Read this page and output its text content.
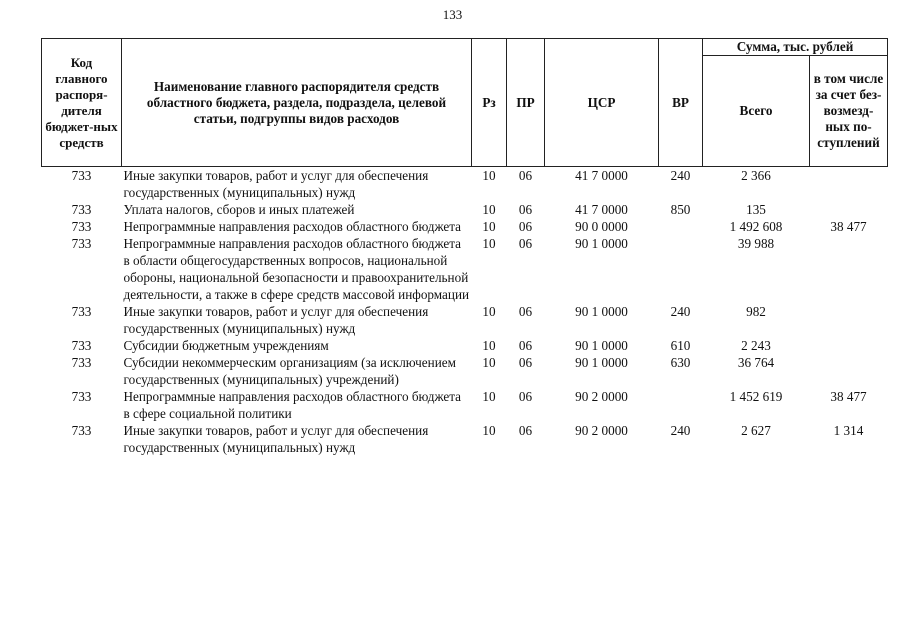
133
Код главного распоря-дителя бюджет-ных средств	Наименование главного распорядителя средств областного бюджета, раздела, подраздела, целевой статьи, подгруппы видов расходов	Рз	ПР	ЦСР	ВР	Сумма, тыс. рублей	
						Всего	в том числе за счет без-возмезд-ных по-ступлений
733	Иные закупки товаров, работ и услуг для обеспечения государственных (муниципальных) нужд	10	06	41 7 0000	240	2 366	
733	Уплата налогов, сборов и иных платежей	10	06	41 7 0000	850	135	
733	Непрограммные направления расходов областного бюджета	10	06	90 0 0000		1 492 608	38 477
733	Непрограммные направления расходов областного бюджета в области общегосударственных вопросов, национальной обороны, национальной безопасности и правоохранительной деятельности, а также в сфере средств массовой информации	10	06	90 1 0000		39 988	
733	Иные закупки товаров, работ и услуг для обеспечения государственных (муниципальных) нужд	10	06	90 1 0000	240	982	
733	Субсидии бюджетным учреждениям	10	06	90 1 0000	610	2 243	
733	Субсидии некоммерческим организациям (за исключением государственных (муниципальных) учреждений)	10	06	90 1 0000	630	36 764	
733	Непрограммные направления расходов областного бюджета в сфере социальной политики	10	06	90 2 0000		1 452 619	38 477
733	Иные закупки товаров, работ и услуг для обеспечения государственных (муниципальных) нужд	10	06	90 2 0000	240	2 627	1 314
